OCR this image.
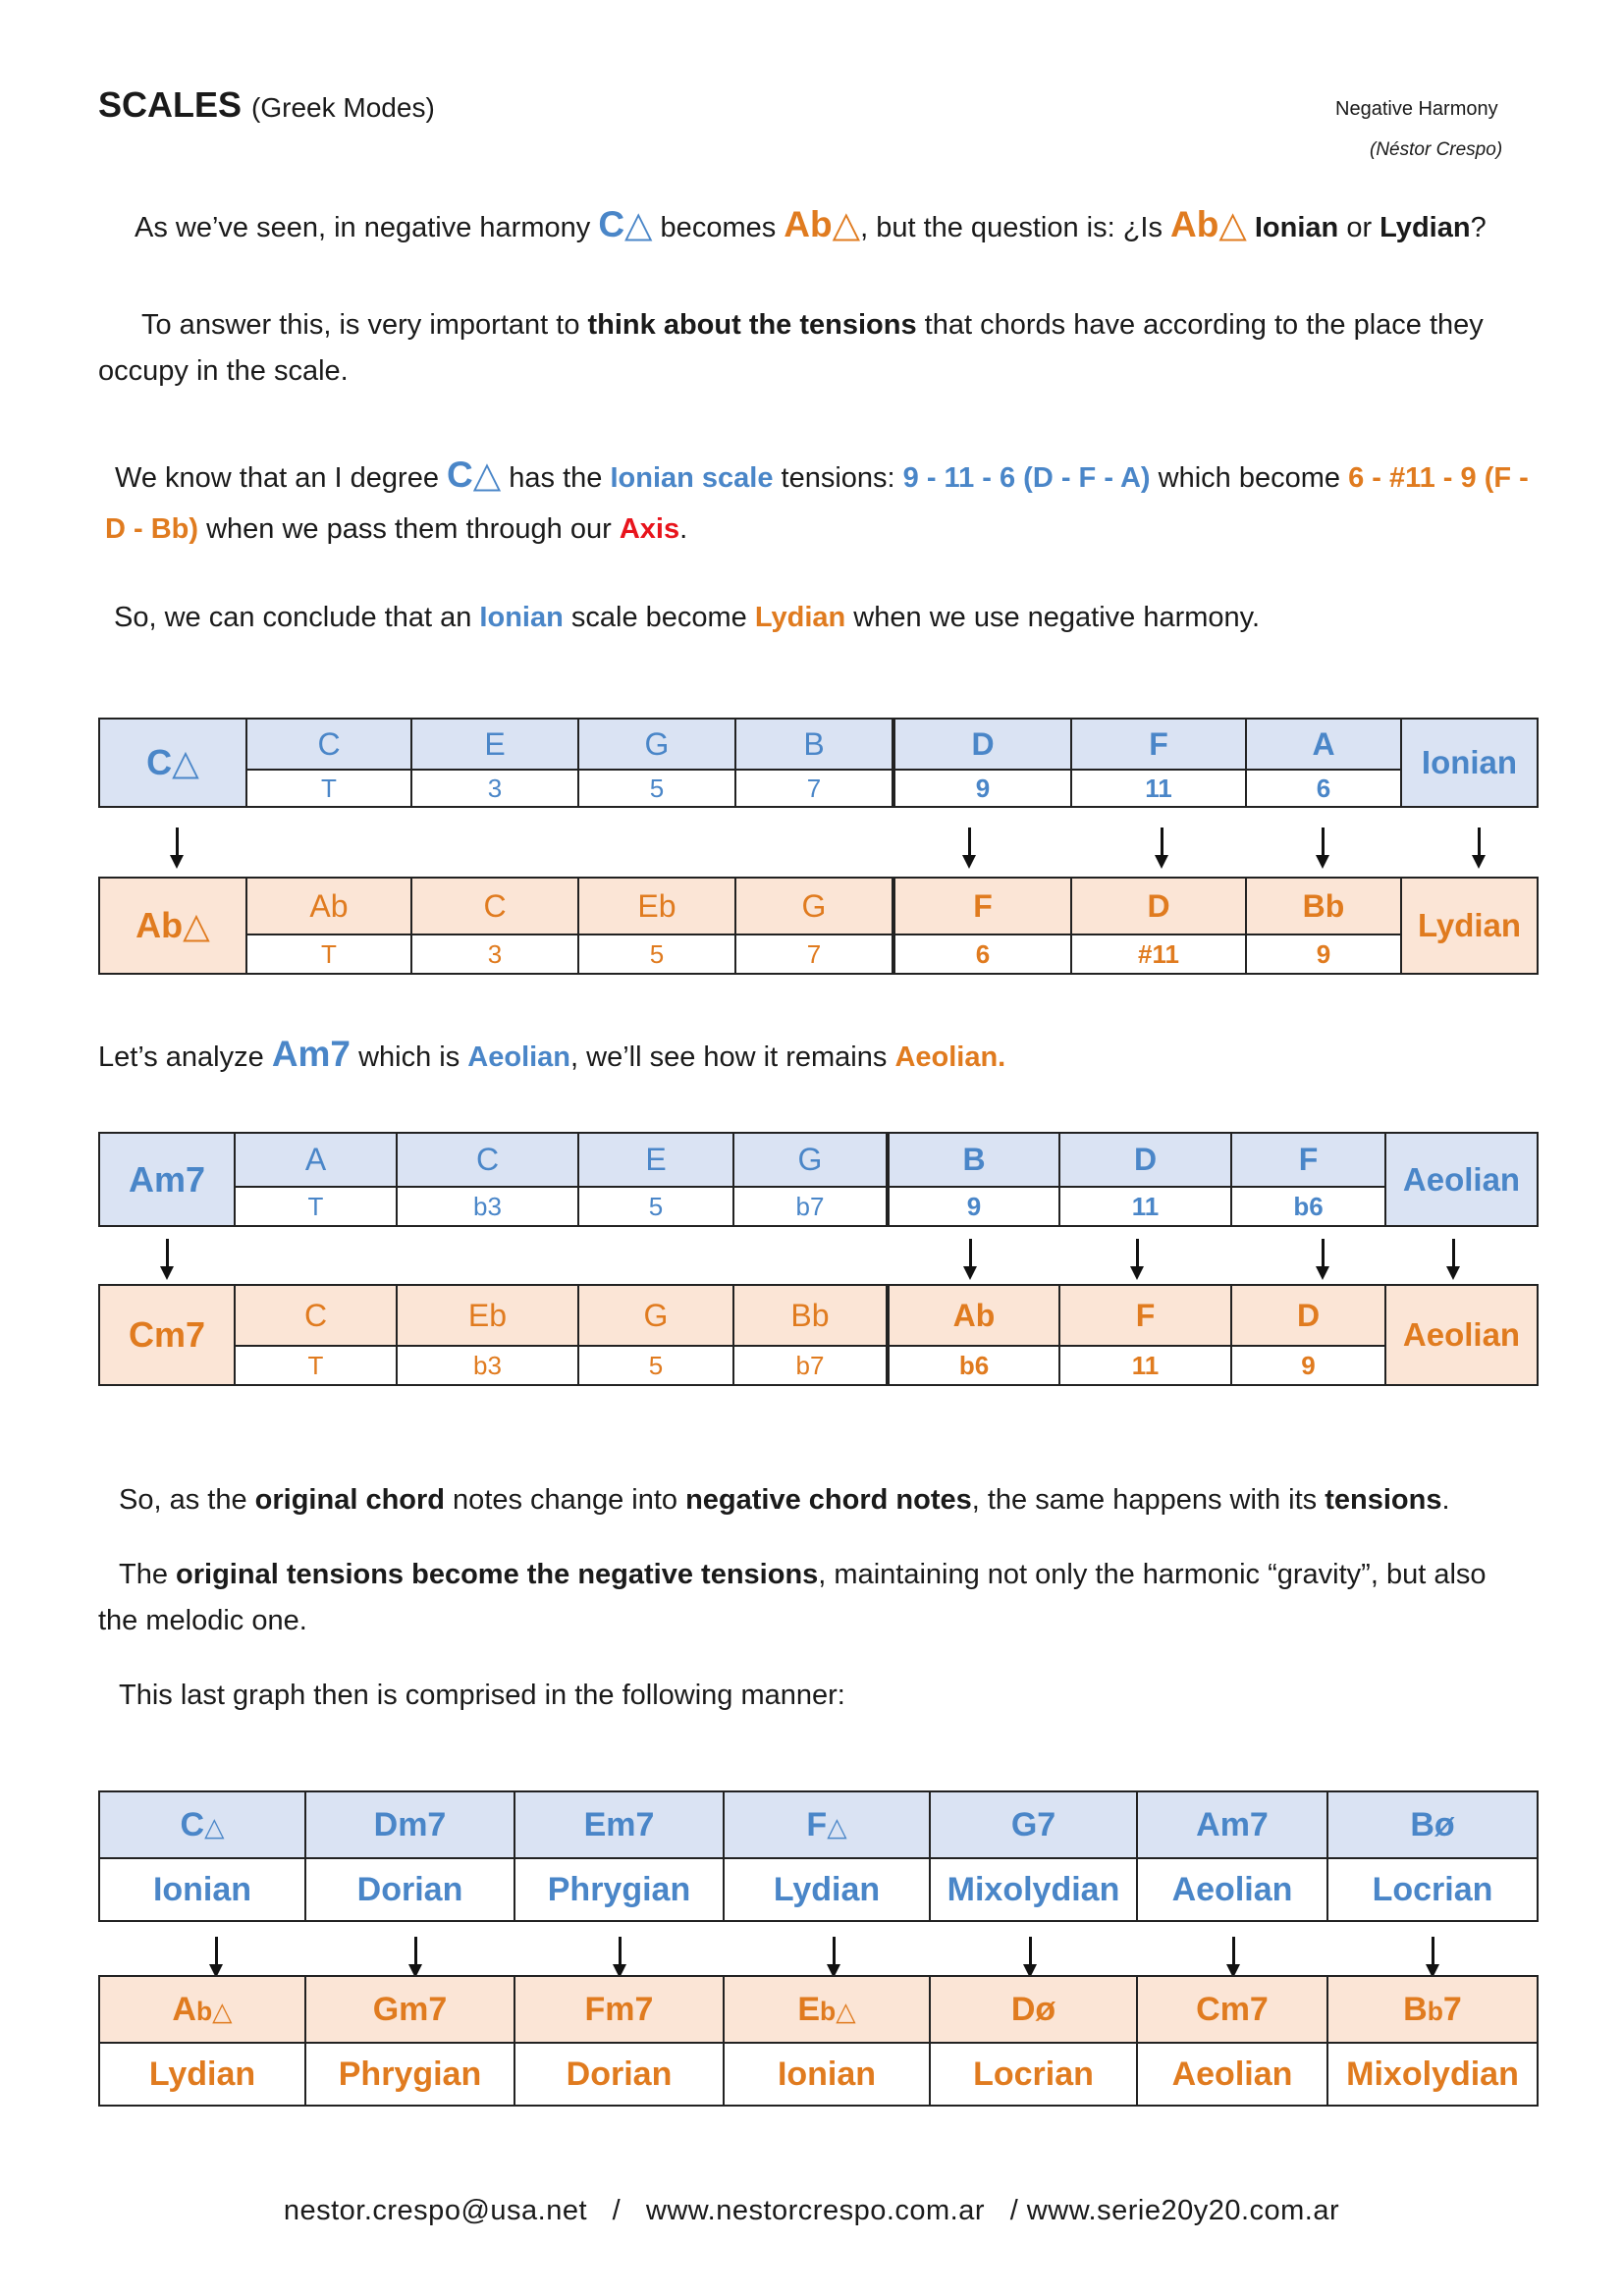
SCALES (Greek Modes)	Negative Harmony
(Néstor Crespo)
As we’ve seen, in negative harmony C△ becomes Ab△, but the question is: ¿Is Ab△ Ionian or Lydian?
To answer this, is very important to think about the tensions that chords have according to the place they occupy in the scale.
We know that an I degree C△ has the Ionian scale tensions: 9 - 11 - 6 (D - F - A) which become 6 - #11 - 9 (F - D - Bb) when we pass them through our Axis.
So, we can conclude that an Ionian scale become Lydian when we use negative harmony.
C△	C	E	G	B	D	F	A	Ionian
	T	3	5	7	9	11	6	
Ab△	Ab	C	Eb	G	F	D	Bb	Lydian
	T	3	5	7	6	#11	9	
Let’s analyze Am7 which is Aeolian, we’ll see how it remains Aeolian.
Am7	A	C	E	G	B	D	F	Aeolian
	T	b3	5	b7	9	11	b6	
Cm7	C	Eb	G	Bb	Ab	F	D	Aeolian
	T	b3	5	b7	b6	11	9	
So, as the original chord notes change into negative chord notes, the same happens with its tensions.
The original tensions become the negative tensions, maintaining not only the harmonic “gravity”, but also the melodic one.
This last graph then is comprised in the following manner:
C△	Dm7	Em7	F△	G7	Am7	Bø
Ionian	Dorian	Phrygian	Lydian	Mixolydian	Aeolian	Locrian
Ab△	Gm7	Fm7	Eb△	Dø	Cm7	Bb7
Lydian	Phrygian	Dorian	Ionian	Locrian	Aeolian	Mixolydian
nestor.crespo@usa.net   /   www.nestorcrespo.com.ar   / www.serie20y20.com.ar
